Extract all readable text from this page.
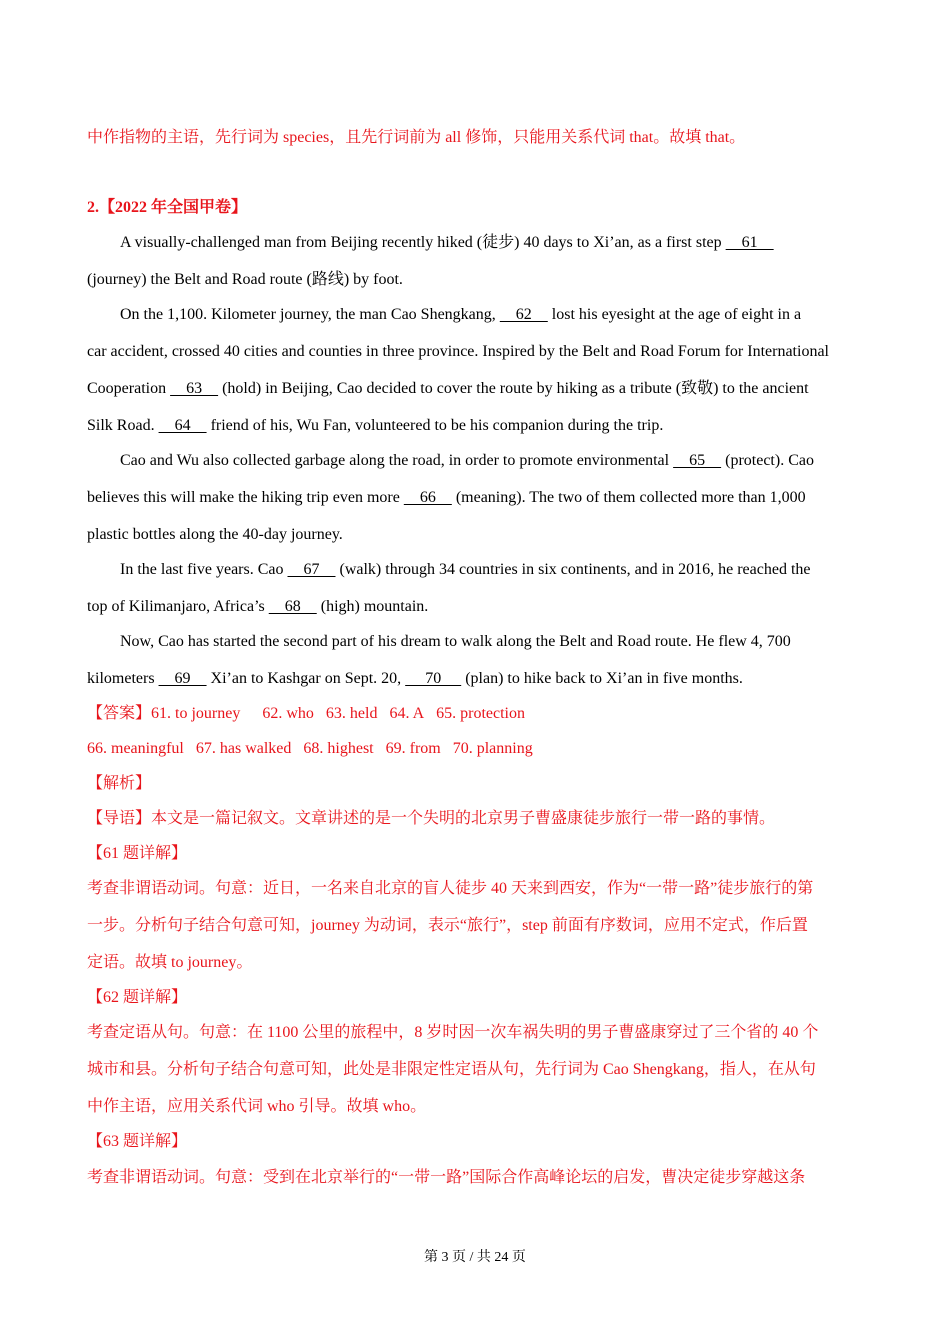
中作指物的主语，先行词为 species，且先行词前为 all 修饰，只能用关系代词 that。故填 that。
2.【2022 年全国甲卷】
A visually-challenged man from Beijing recently hiked (徒步) 40 days to Xi’an, as a first step     61
(journey) the Belt and Road route (路线) by foot.
On the 1,100. Kilometer journey, the man Cao Shengkang,     62     lost his eyesight at the age of eight in a
car accident, crossed 40 cities and counties in three province. Inspired by the Belt and Road Forum for International
Cooperation     63     (hold) in Beijing, Cao decided to cover the route by hiking as a tribute (致敬) to the ancient
Silk Road.     64     friend of his, Wu Fan, volunteered to be his companion during the trip.
Cao and Wu also collected garbage along the road, in order to promote environmental     65     (protect). Cao
believes this will make the hiking trip even more     66     (meaning). The two of them collected more than 1,000
plastic bottles along the 40-day journey.
In the last five years. Cao     67     (walk) through 34 countries in six continents, and in 2016, he reached the
top of Kilimanjaro, Africa’s     68     (high) mountain.
Now, Cao has started the second part of his dream to walk along the Belt and Road route. He flew 4, 700
kilometers     69     Xi’an to Kashgar on Sept. 20,      70      (plan) to hike back to Xi’an in five months.
【答案】61. to journey 62. who 63. held 64. A 65. protection
66. meaningful 67. has walked 68. highest 69. from 70. planning
【解析】
【导语】本文是一篇记叙文。文章讲述的是一个失明的北京男子曹盛康徒步旅行一带一路的事情。
【61 题详解】
考查非谓语动词。句意：近日，一名来自北京的盲人徒步 40 天来到西安，作为“一带一路”徒步旅行的第
一步。分析句子结合句意可知，journey 为动词，表示“旅行”，step 前面有序数词，应用不定式，作后置
定语。故填 to journey。
【62 题详解】
考查定语从句。句意：在 1100 公里的旅程中，8 岁时因一次车祸失明的男子曹盛康穿过了三个省的 40 个
城市和县。分析句子结合句意可知，此处是非限定性定语从句，先行词为 Cao Shengkang，指人，在从句
中作主语，应用关系代词 who 引导。故填 who。
【63 题详解】
考查非谓语动词。句意：受到在北京举行的“一带一路”国际合作高峰论坛的启发，曹决定徒步穿越这条
第 3 页 / 共 24 页
